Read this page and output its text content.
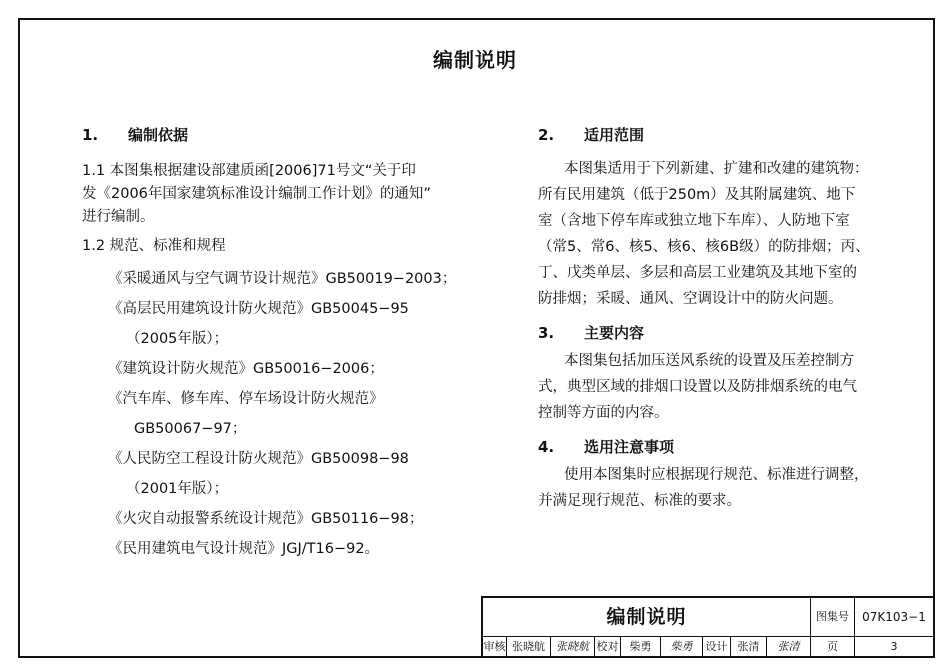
编制说明
1. 编制依据
1.1 本图集根据建设部建质函[2006]71号文“关于印
发《2006年国家建筑标准设计编制工作计划》的通知”
进行编制。
1.2 规范、标准和规程
《采暖通风与空气调节设计规范》GB50019−2003；
《高层民用建筑设计防火规范》GB50045−95
（2005年版）；
《建筑设计防火规范》GB50016−2006；
《汽车库、修车库、停车场设计防火规范》
GB50067−97；
《人民防空工程设计防火规范》GB50098−98
（2001年版）；
《火灾自动报警系统设计规范》GB50116−98；
《民用建筑电气设计规范》JGJ/T16−92。
2. 适用范围
本图集适用于下列新建、扩建和改建的建筑物：
所有民用建筑（低于250m）及其附属建筑、地下
室（含地下停车库或独立地下车库）、人防地下室
（常5、常6、核5、核6、核6B级）的防排烟；丙、
丁、戊类单层、多层和高层工业建筑及其地下室的
防排烟；采暖、通风、空调设计中的防火问题。
3. 主要内容
本图集包括加压送风系统的设置及压差控制方
式，典型区域的排烟口设置以及防排烟系统的电气
控制等方面的内容。
4. 选用注意事项
使用本图集时应根据现行规范、标准进行调整，
并满足现行规范、标准的要求。
编制说明	图集号	07K103−1
审核 张晓航	张晓航 校对	柴勇	柴勇	设计 张清	张清	页	3
